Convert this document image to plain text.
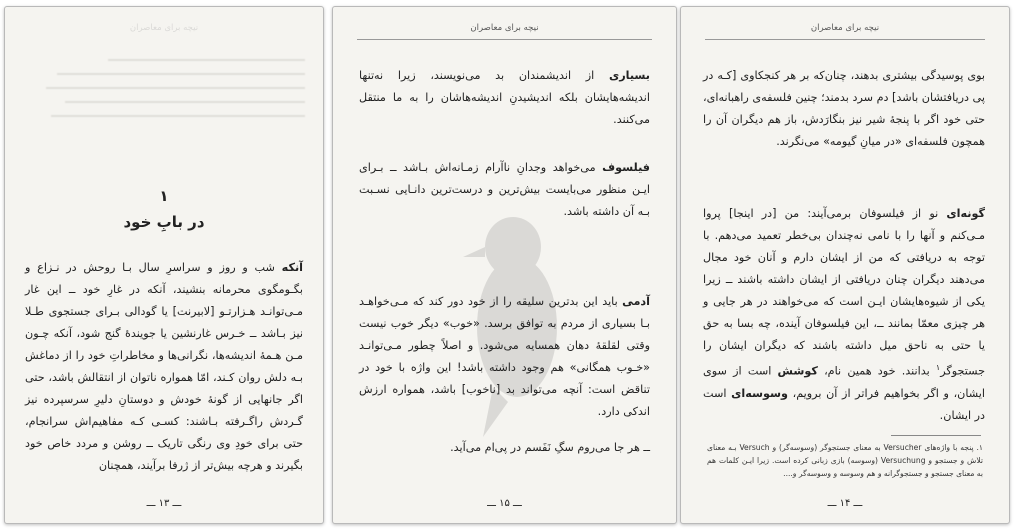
نیچه برای معاصران
۱
در بابِ خود
آنکه شب و روز و سراسرِ سال بـا روحش در نـزاع و بگـومگوی محرمانه بنشیند، آنکه در غارِ خود ــ این غار مـی‌توانـد هـزارتـو [لابیرنت] یا گودالی بـرای جستجوی طـلا نیز بـاشد ــ خـرس غارنشین یا جوینده‌ٔ گنج شود، آنکه چـون مـن هـمهٔ اندیشه‌ها، نگرانی‌ها و مخاطراتِ خود را از دماغش بـه دلش روان کـند، امّا همواره ناتوان از انتقالش باشد، حتی اگر جانهایی از گونهٔ خودش و دوستانِ دلیرِ سرسپرده نیز گـردش راگـرفته بـاشند: کسـی کـه مفاهیم‌اش سرانجام، حتی برای خودِ وی رنگی تاریک ــ روشن و مردد خاص خود بگیرند و هرچه بیش‌تر از ژرفا برآیند، همچنان
ـــ ۱۳ ـــ
نیچه برای معاصران
بسیاری از اندیشمندان بد می‌نویسند، زیرا نه‌تنها اندیشه‌هایشان بلکه اندیشیدنِ اندیشه‌هاشان را به ما منتقل می‌کنند.
فیلسوف می‌خواهد وجدانِ ناآرام زمـانه‌اش بـاشد ــ بـرای ایـن منظور می‌بایست بیش‌ترین و درست‌ترین دانـایی نسـبت بـه آن داشته باشد.
آدمی باید این بدترین سلیقه را از خود دور کند که مـی‌خواهـد بـا بسیاری از مردم به توافق برسد. «خوب» دیگر خوب نیست وقتی لقلقهٔ دهان همسایه می‌شود. و اصلاً چطور مـی‌توانـد «خـوب همگانی» هم وجود داشته باشد! این واژه با خود در تناقض است: آنچه می‌تواند بد [ناخوب] باشد، همواره ارزش اندکی دارد.
ــ هر جا می‌روم سگِ نَفَسم در پی‌ام می‌آید.
ـــ ۱۵ ـــ
نیچه برای معاصران
بوی پوسیدگی بیشتری بدهند، چنان‌که بر هر کنجکاوی [کـه در پی دریافتشان باشد] دم سرد بدمند؛ چنین فلسفه‌ی راهبانه‌ای، حتی خود اگر با پنجهٔ شیر نیز بنگارَدش، باز هم دیگران آن را همچون فلسفه‌ای «در میانِ گیومه» می‌نگرند.
گونه‌ای نو از فیلسوفان برمی‌آیند: من [در اینجا] پروا مـی‌کنم و آنها را با نامی نه‌چندان بی‌خطر تعمید می‌دهم. با توجه به دریافتی که من از ایشان دارم و آنان خود مجال می‌دهند دیگران چنان دریافتی از ایشان داشته باشند ــ زیرا یکی از شیوه‌هایشان ایـن است که می‌خواهند در هر جایی و هر چیزی معمّا بمانند ــ، این فیلسوفان آینده، چه بسا به حق یا حتی به ناحق میل داشته باشند که دیگران ایشان را جستجوگر$^۱$ بدانند. خود همین نام، کوشش است از سوی ایشان، و اگر بخواهیم فراتر از آن برویم، وسوسه‌ای است در ایشان.
۱. پنجه با واژه‌های Versucher به معنای جستجوگر (وسوسه‌گر) و Versuch بـه معنای تلاش و جستجو و Versuchung (وسوسه) بازی زبانی کرده است. زیرا ایـن کلمات هم به معنای جستجو و جستجوگرانه و هم وسوسه و وسوسه‌گر و....
ـــ ۱۴ ـــ
